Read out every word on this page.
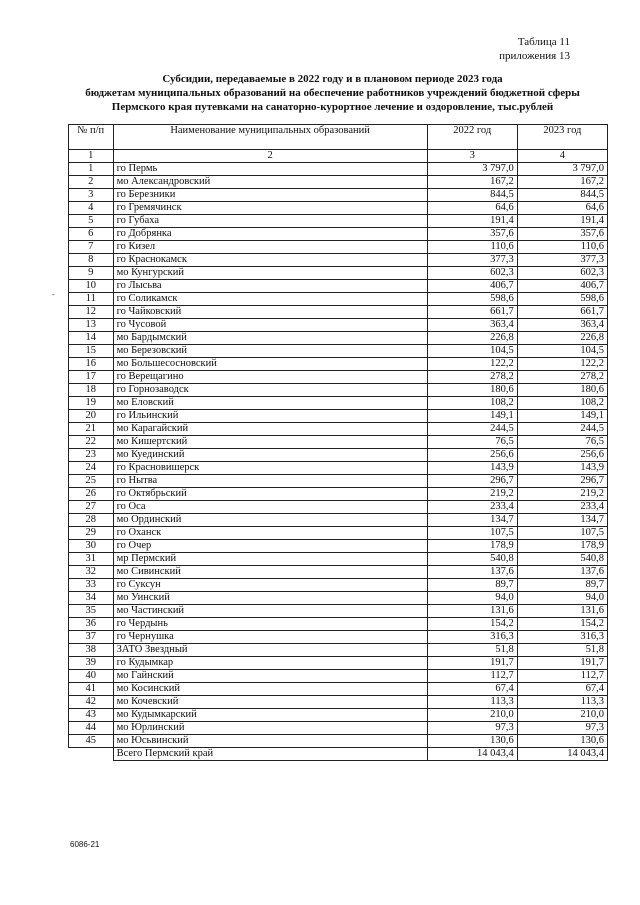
Таблица 11
приложения 13
Субсидии, передаваемые в 2022 году и в плановом периоде 2023 года
бюджетам муниципальных образований на обеспечение работников учреждений бюджетной сферы
Пермского края путевками на санаторно-курортное лечение и оздоровление, тыс.рублей
-
№ п/п	Наименование муниципальных образований	2022 год	2023 год
1	2	3	4
1	го Пермь	3 797,0	3 797,0
2	мо Александровский	167,2	167,2
3	го Березники	844,5	844,5
4	го Гремячинск	64,6	64,6
5	го Губаха	191,4	191,4
6	го Добрянка	357,6	357,6
7	го Кизел	110,6	110,6
8	го Краснокамск	377,3	377,3
9	мо Кунгурский	602,3	602,3
10	го Лысьва	406,7	406,7
11	го Соликамск	598,6	598,6
12	го Чайковский	661,7	661,7
13	го Чусовой	363,4	363,4
14	мо Бардымский	226,8	226,8
15	мо Березовский	104,5	104,5
16	мо Большесосновский	122,2	122,2
17	го Верещагино	278,2	278,2
18	го Горнозаводск	180,6	180,6
19	мо Еловский	108,2	108,2
20	го Ильинский	149,1	149,1
21	мо Карагайский	244,5	244,5
22	мо Кишертский	76,5	76,5
23	мо Куединский	256,6	256,6
24	го Красновишерск	143,9	143,9
25	го Нытва	296,7	296,7
26	го Октябрьский	219,2	219,2
27	го Оса	233,4	233,4
28	мо Ординский	134,7	134,7
29	го Оханск	107,5	107,5
30	го Очер	178,9	178,9
31	мр Пермский	540,8	540,8
32	мо Сивинский	137,6	137,6
33	го Суксун	89,7	89,7
34	мо Уинский	94,0	94,0
35	мо Частинский	131,6	131,6
36	го Чердынь	154,2	154,2
37	го Чернушка	316,3	316,3
38	ЗАТО Звездный	51,8	51,8
39	го Кудымкар	191,7	191,7
40	мо Гайнский	112,7	112,7
41	мо Косинский	67,4	67,4
42	мо Кочевский	113,3	113,3
43	мо Кудымкарский	210,0	210,0
44	мо Юрлинский	97,3	97,3
45	мо Юсьвинский	130,6	130,6
	Всего Пермский край	14 043,4	14 043,4
6086-21
